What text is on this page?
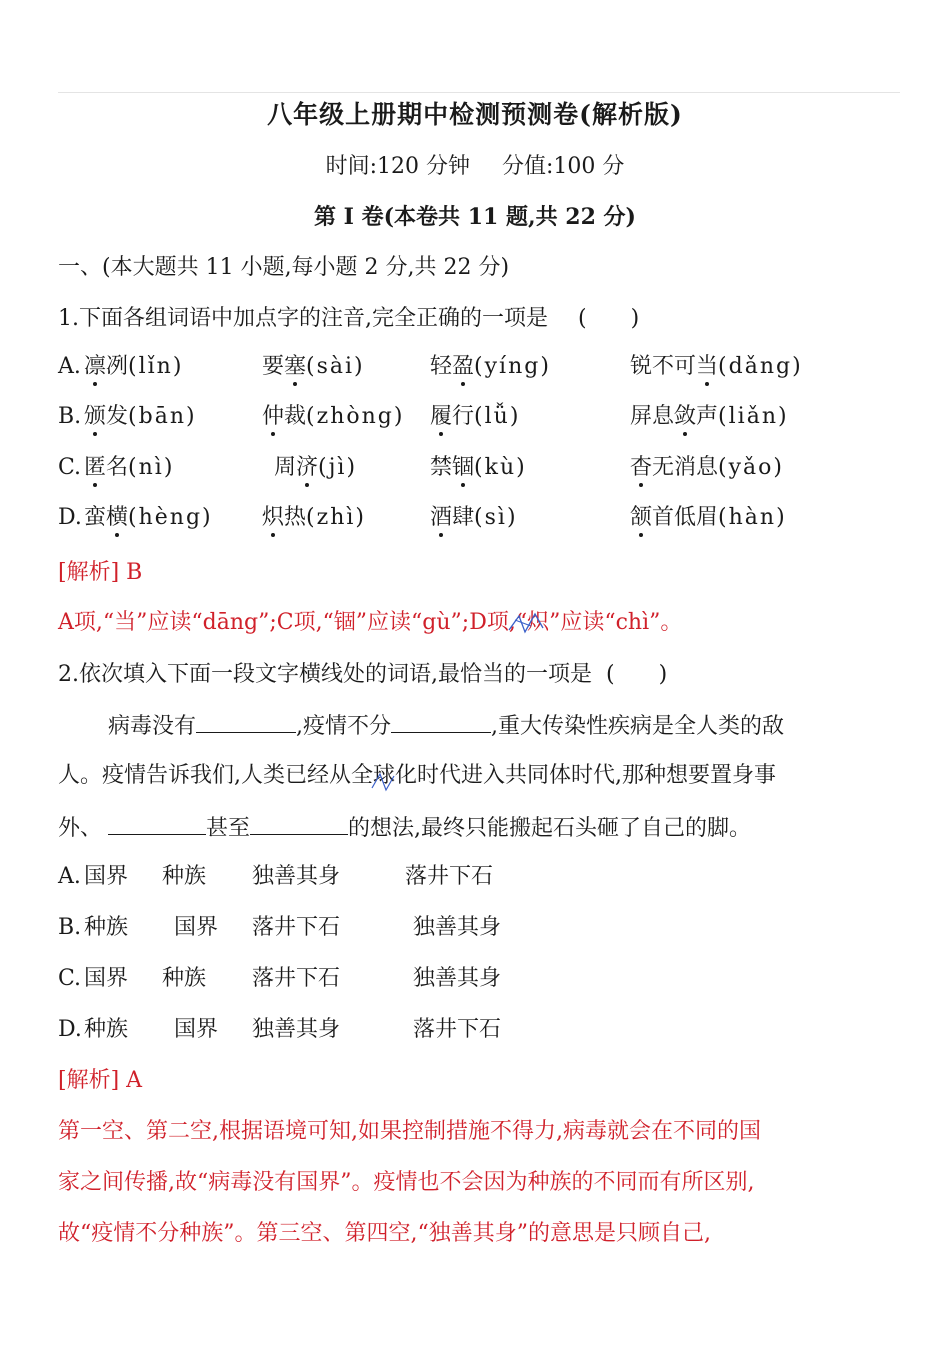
八年级上册期中检测预测卷(解析版)
时间:120 分钟 分值:100 分
第 Ⅰ 卷(本卷共 11 题,共 22 分)
一、(本大题共 11 小题,每小题 2 分,共 22 分)
1.下面各组词语中加点字的注音,完全正确的一项是 (　　)
A. 凛冽(lǐn)	要塞(sài)	轻盈(yíng)	锐不可当(dǎng)
B. 颁发(bān)	仲裁(zhòng) 履行(lǚ)	屏息敛声(liǎn)
C. 匿名(nì)	周济(jì)	禁锢(kù)	杳无消息(yǎo)
D. 蛮横(hèng) 炽热(zhì)	酒肆(sì)	颔首低眉(hàn)
[解析] B
A项,“当”应读“dāng”;C项,“锢”应读“gù”;D项,“炽”应读“chì”。
2.依次填入下面一段文字横线处的词语,最恰当的一项是 (　　)
病毒没有	,疫情不分	,重大传染性疾病是全人类的敌
人。疫情告诉我们,人类已经从全球化时代进入共同体时代,那种想要置身事
外、	甚至	的想法,最终只能搬起石头砸了自己的脚。
A. 国界 种族 独善其身	落井下石
B. 种族 国界 落井下石	独善其身
C. 国界 种族 落井下石	独善其身
D. 种族 国界 独善其身	落井下石
[解析] A
第一空、第二空,根据语境可知,如果控制措施不得力,病毒就会在不同的国
家之间传播,故“病毒没有国界”。疫情也不会因为种族的不同而有所区别,
故“疫情不分种族”。第三空、第四空,“独善其身”的意思是只顾自己,
